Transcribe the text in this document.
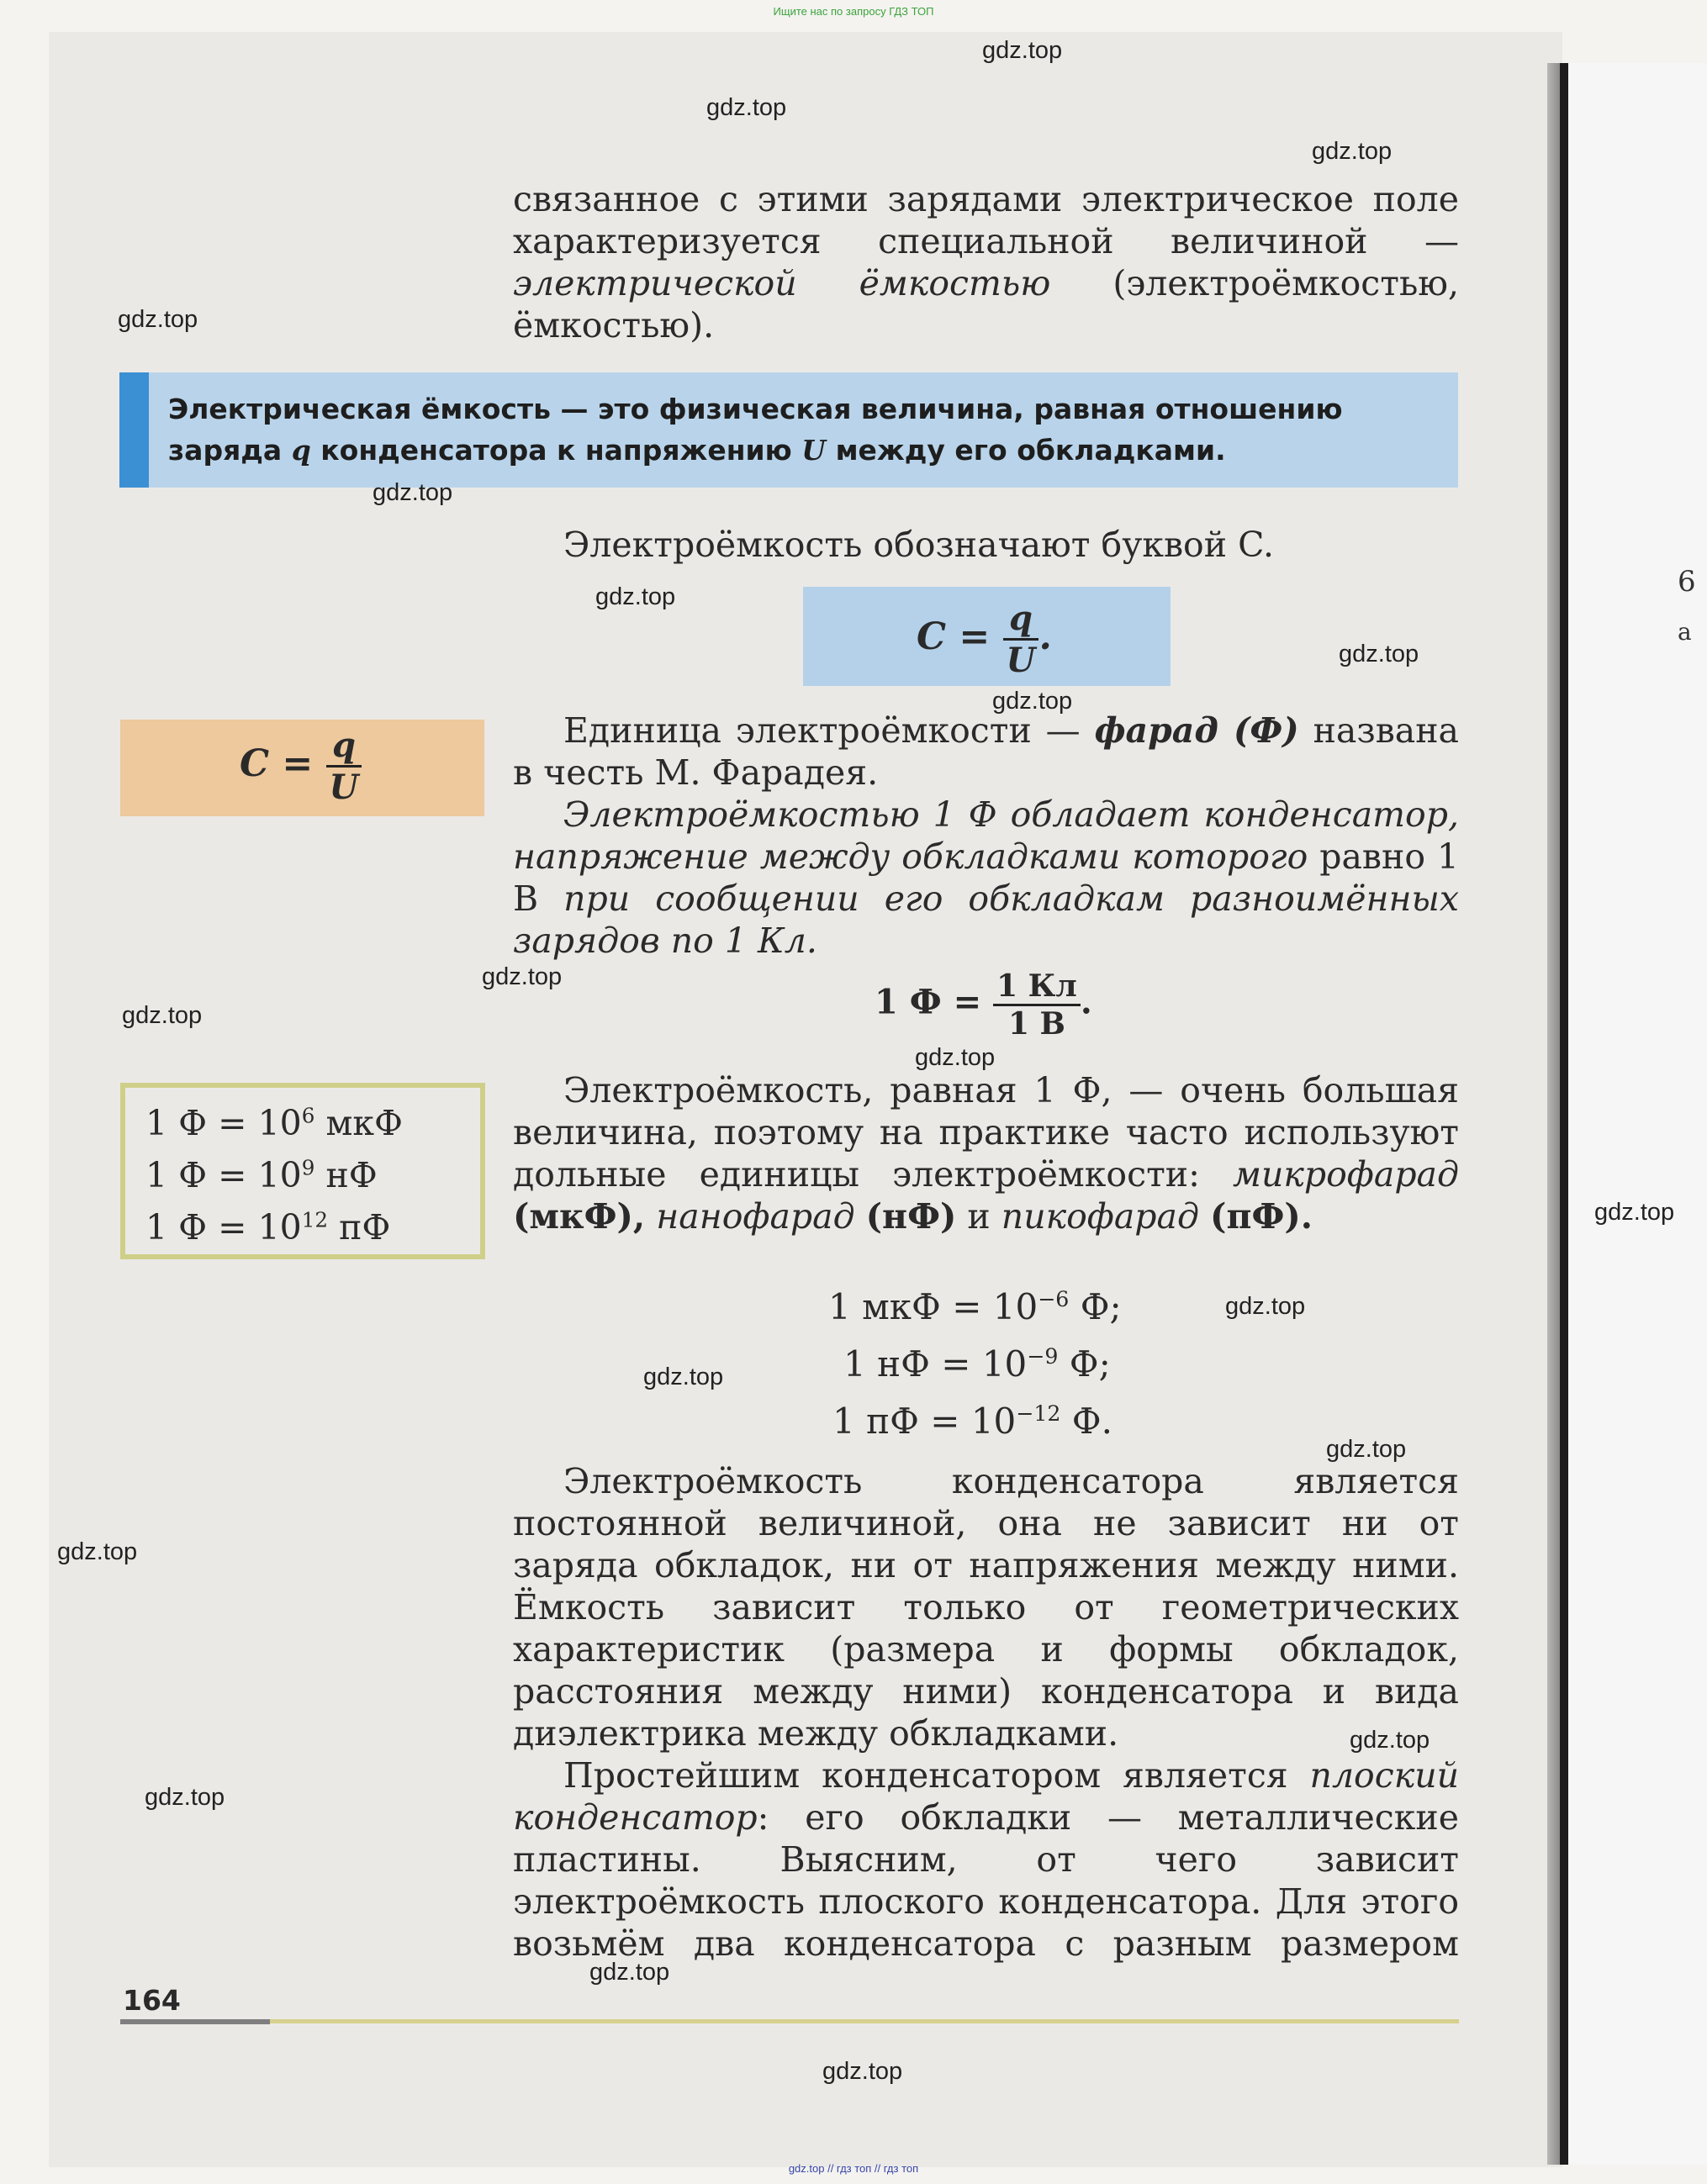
6
a
Ищите нас по запросу ГДЗ ТОП
gdz.top // гдз топ // гдз топ
связанное с этими зарядами электрическое поле характеризуется специальной величиной — электрической ёмкостью (электроёмкостью, ёмкостью).
Электрическая ёмкость — это физическая величина, равная отношению заряда q конденсатора к напряжению U между его обкладками.
Электроёмкость обозначают буквой C.
$C = \frac{q}{U}$ .
$C = \frac{q}{U}$	Единица электроёмкости — фарад (Ф) названа в честь М. Фарадея.
Электроёмкостью 1 Ф обладает конденсатор, напряжение между обкладками которого равно 1 В при сообщении его обкладкам разноимённых зарядов по 1 Кл.
1 $Ф = \frac{1 Кл}{1 В}$ .
1 $Ф = 10^6$ мкФ
1 $Ф = 10^9$ нФ
1 $Ф = 10^{12}$ пФ
Электроёмкость, равная 1 Ф, — очень большая величина, поэтому на практике часто используют дольные единицы электроёмкости: микрофарад (мкФ), нанофарад (нФ) и пикофарад (пФ).
1 мкФ = $10^{-6}$ Ф;
1 нФ = $10^{-9}$ Ф;
1 пФ = $10^{-12}$ Ф.
Электроёмкость конденсатора является постоянной величиной, она не зависит ни от заряда обкладок, ни от напряжения между ними. Ёмкость зависит только от геометрических характеристик (размера и формы обкладок, расстояния между ними) конденсатора и вида диэлектрика между обкладками.
Простейшим конденсатором является плоский конденсатор: его обкладки — металлические пластины. Выясним, от чего зависит электроёмкость плоского конденсатора. Для этого возьмём два конденсатора с разным размером
164
gdz.top
gdz.top
gdz.top
gdz.top
gdz.top
gdz.top
gdz.top
gdz.top
gdz.top
gdz.top
gdz.top
gdz.top
gdz.top
gdz.top
gdz.top
gdz.top
gdz.top
gdz.top
gdz.top
gdz.top
